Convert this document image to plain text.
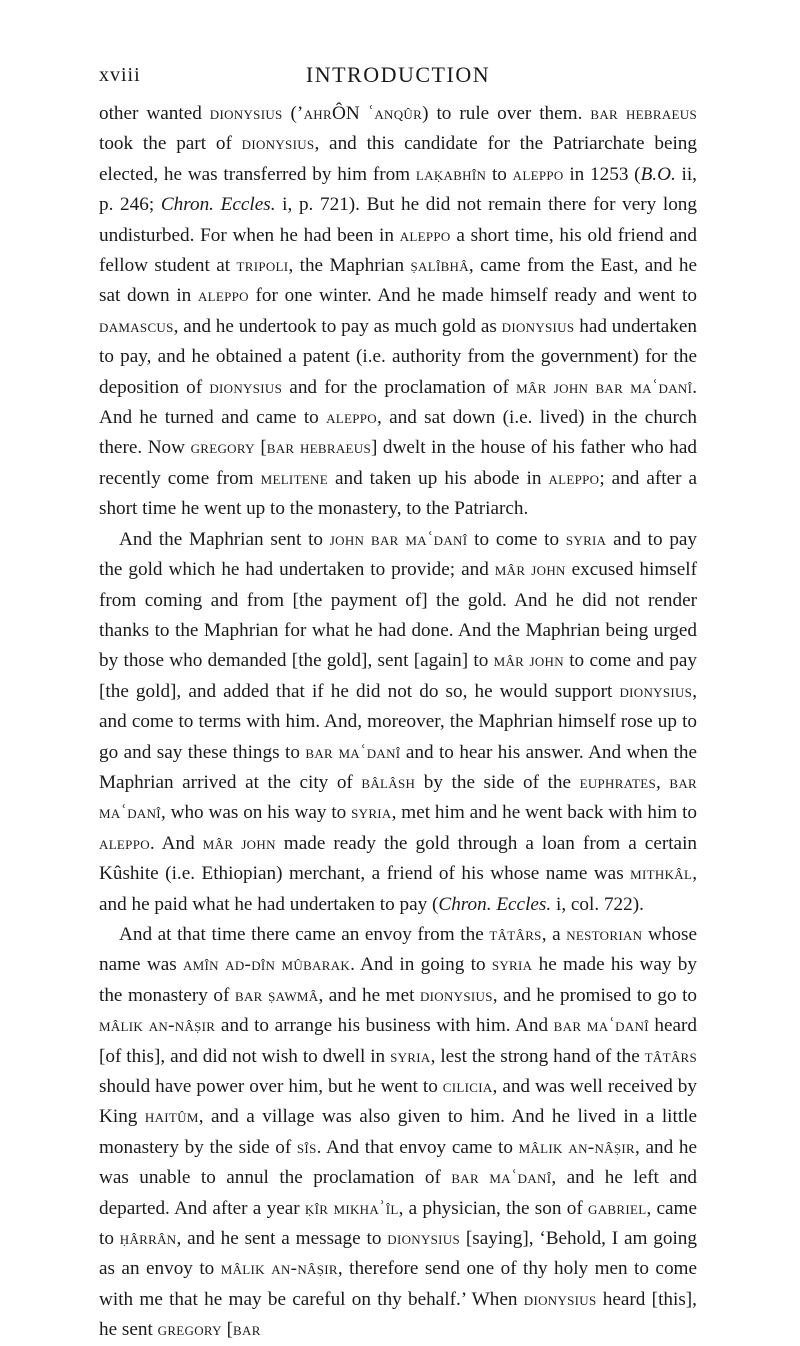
xviii	INTRODUCTION

other wanted dionysius (’ahrÔN ʿanqûr) to rule over them. bar hebraeus took the part of dionysius, and this candidate for the Patriarchate being elected, he was transferred by him from laḳabhîn to aleppo in 1253 (B.O. ii, p. 246; Chron. Eccles. i, p. 721). But he did not remain there for very long undisturbed. For when he had been in aleppo a short time, his old friend and fellow student at tripoli, the Maphrian ṣalîbhâ, came from the East, and he sat down in aleppo for one winter. And he made himself ready and went to damascus, and he undertook to pay as much gold as dionysius had undertaken to pay, and he obtained a patent (i.e. authority from the government) for the deposition of dionysius and for the proclamation of mâr john bar maʿdanî. And he turned and came to aleppo, and sat down (i.e. lived) in the church there. Now gregory [bar hebraeus] dwelt in the house of his father who had recently come from melitene and taken up his abode in aleppo; and after a short time he went up to the monastery, to the Patriarch.

And the Maphrian sent to john bar maʿdanî to come to syria and to pay the gold which he had undertaken to provide; and mâr john excused himself from coming and from [the payment of] the gold. And he did not render thanks to the Maphrian for what he had done. And the Maphrian being urged by those who demanded [the gold], sent [again] to mâr john to come and pay [the gold], and added that if he did not do so, he would support dionysius, and come to terms with him. And, moreover, the Maphrian himself rose up to go and say these things to bar maʿdanî and to hear his answer. And when the Maphrian arrived at the city of bâlâsh by the side of the euphrates, bar maʿdanî, who was on his way to syria, met him and he went back with him to aleppo. And mâr john made ready the gold through a loan from a certain Kûshite (i.e. Ethiopian) merchant, a friend of his whose name was mithkâl, and he paid what he had undertaken to pay (Chron. Eccles. i, col. 722).

And at that time there came an envoy from the tâtârs, a nestorian whose name was amîn ad-dîn mûbarak. And in going to syria he made his way by the monastery of bar ṣawmâ, and he met dionysius, and he promised to go to mâlik an-nâṣir and to arrange his business with him. And bar maʿdanî heard [of this], and did not wish to dwell in syria, lest the strong hand of the tâtârs should have power over him, but he went to cilicia, and was well received by King haitûm, and a village was also given to him. And he lived in a little monastery by the side of sîs. And that envoy came to mâlik an-nâṣir, and he was unable to annul the proclamation of bar maʿdanî, and he left and departed. And after a year ḳîr mikhaʾîl, a physician, the son of gabriel, came to ḥârrân, and he sent a message to dionysius [saying], ‘Behold, I am going as an envoy to mâlik an-nâṣir, therefore send one of thy holy men to come with me that he may be careful on thy behalf.’ When dionysius heard [this], he sent gregory [bar
